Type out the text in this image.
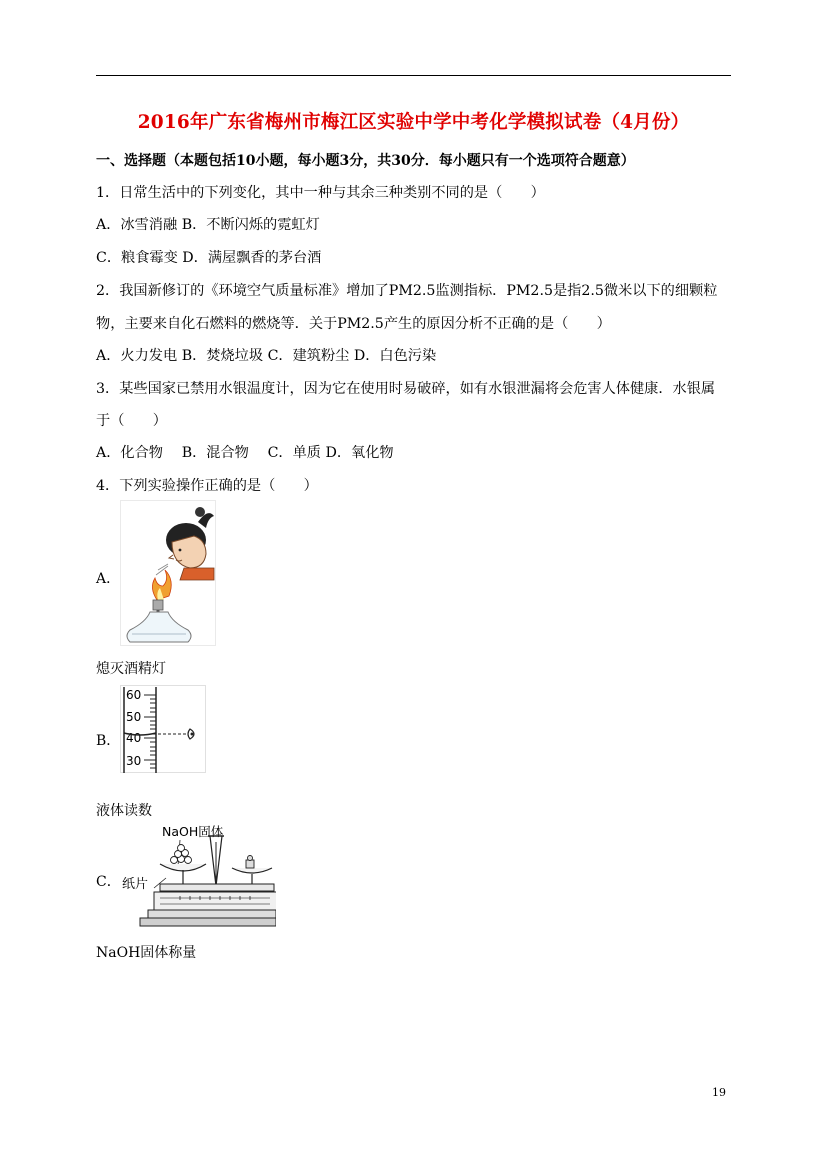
2016年广东省梅州市梅江区实验中学中考化学模拟试卷（4月份）
一、选择题（本题包括10小题，每小题3分，共30分．每小题只有一个选项符合题意）
1．日常生活中的下列变化，其中一种与其余三种类别不同的是（　　）
A．冰雪消融 B．不断闪烁的霓虹灯
C．粮食霉变 D．满屋飘香的茅台酒
2．我国新修订的《环境空气质量标准》增加了PM2.5监测指标．PM2.5是指2.5微米以下的细颗粒
物，主要来自化石燃料的燃烧等．关于PM2.5产生的原因分析不正确的是（　　）
A．火力发电 B．焚烧垃圾 C．建筑粉尘 D．白色污染
3．某些国家已禁用水银温度计，因为它在使用时易破碎，如有水银泄漏将会危害人体健康．水银属
于（　　）
A．化合物　 B．混合物　 C．单质 D．氧化物
4．下列实验操作正确的是（　　）
A．
熄灭酒精灯
B．
60
50
40
30
液体读数
C．
NaOH固体
纸片
NaOH固体称量
19
